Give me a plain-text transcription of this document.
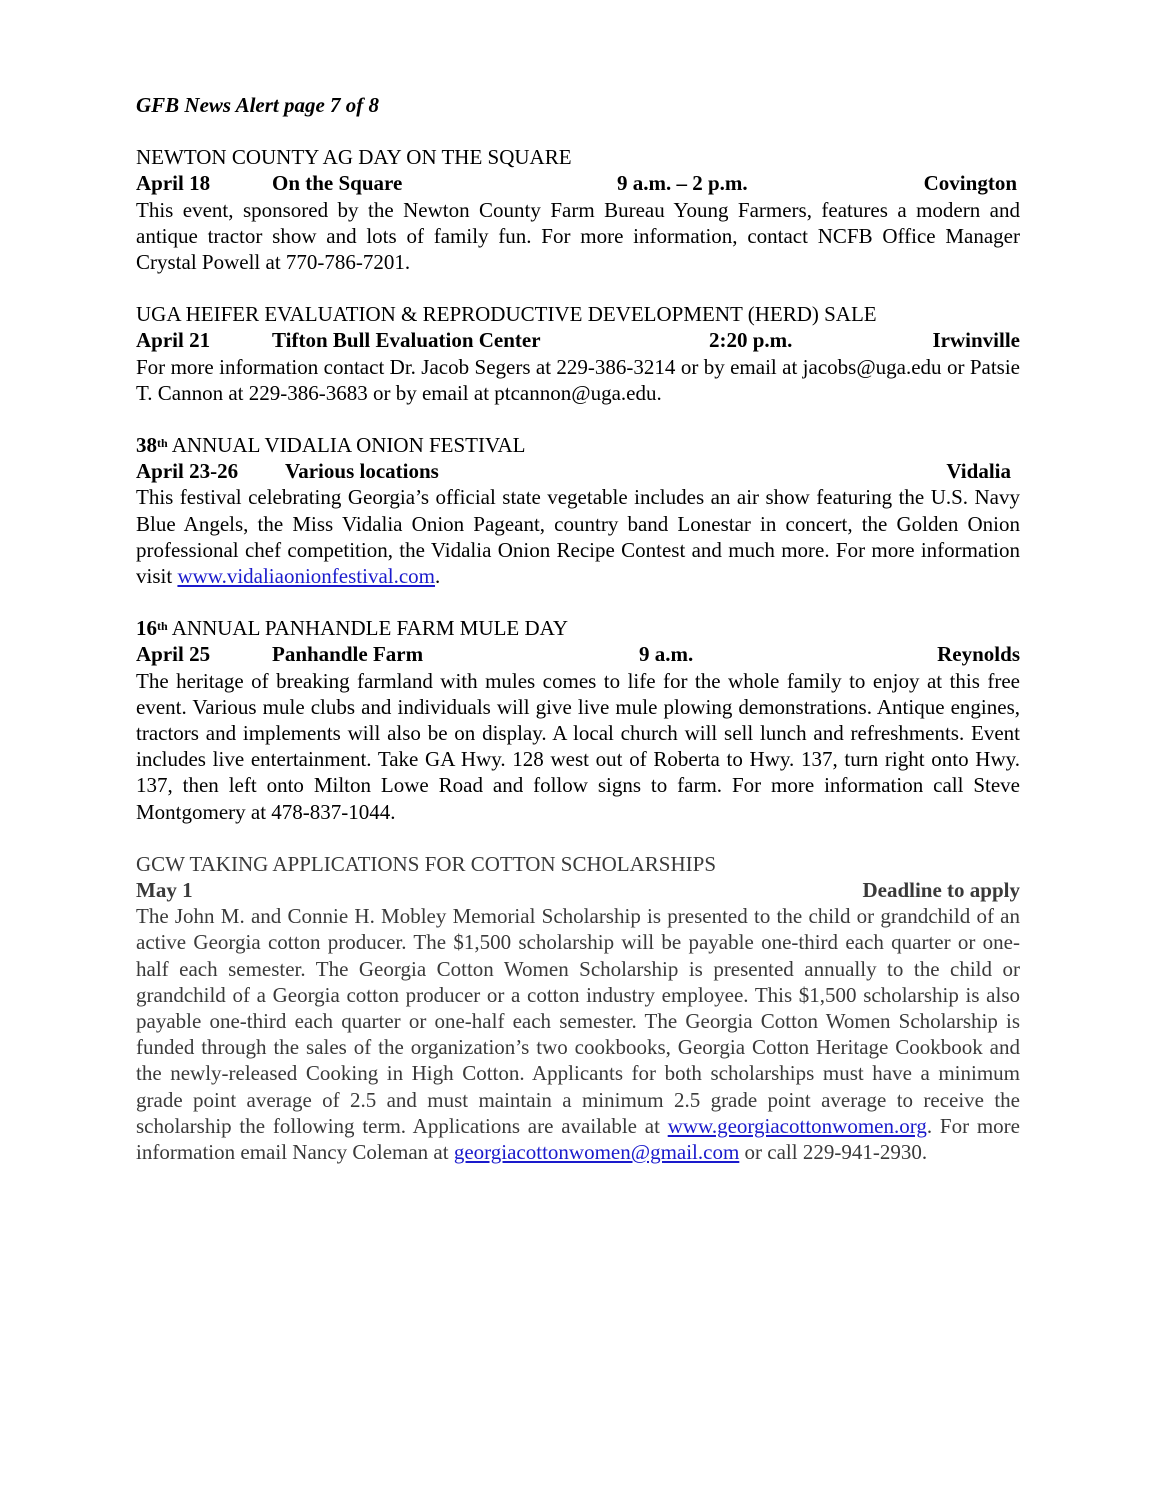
GFB News Alert page 7 of 8

NEWTON COUNTY AG DAY ON THE SQUARE

April 18	On the Square	9 a.m. – 2 p.m.	Covington

This event, sponsored by the Newton County Farm Bureau Young Farmers, features a modern and antique tractor show and lots of family fun. For more information, contact NCFB Office Manager Crystal Powell at 770-786-7201.

UGA HEIFER EVALUATION & REPRODUCTIVE DEVELOPMENT (HERD) SALE

April 21	Tifton Bull Evaluation Center	2:20 p.m.	Irwinville

For more information contact Dr. Jacob Segers at 229-386-3214 or by email at jacobs@uga.edu or Patsie T. Cannon at 229-386-3683 or by email at ptcannon@uga.edu.

38th ANNUAL VIDALIA ONION FESTIVAL

April 23-26 Various locations	Vidalia

This festival celebrating Georgia’s official state vegetable includes an air show featuring the U.S. Navy Blue Angels, the Miss Vidalia Onion Pageant, country band Lonestar in concert, the Golden Onion professional chef competition, the Vidalia Onion Recipe Contest and much more. For more information visit www.vidaliaonionfestival.com.

16th ANNUAL PANHANDLE FARM MULE DAY

April 25	Panhandle Farm	9 a.m.	Reynolds

The heritage of breaking farmland with mules comes to life for the whole family to enjoy at this free event. Various mule clubs and individuals will give live mule plowing demonstrations. Antique engines, tractors and implements will also be on display. A local church will sell lunch and refreshments. Event includes live entertainment. Take GA Hwy. 128 west out of Roberta to Hwy. 137, turn right onto Hwy. 137, then left onto Milton Lowe Road and follow signs to farm. For more information call Steve Montgomery at 478-837-1044.

GCW TAKING APPLICATIONS FOR COTTON SCHOLARSHIPS

May 1	Deadline to apply

The John M. and Connie H. Mobley Memorial Scholarship is presented to the child or grandchild of an active Georgia cotton producer. The $1,500 scholarship will be payable one-third each quarter or one-half each semester. The Georgia Cotton Women Scholarship is presented annually to the child or grandchild of a Georgia cotton producer or a cotton industry employee. This $1,500 scholarship is also payable one-third each quarter or one-half each semester. The Georgia Cotton Women Scholarship is funded through the sales of the organization’s two cookbooks, Georgia Cotton Heritage Cookbook and the newly-released Cooking in High Cotton. Applicants for both scholarships must have a minimum grade point average of 2.5 and must maintain a minimum 2.5 grade point average to receive the scholarship the following term. Applications are available at www.georgiacottonwomen.org. For more information email Nancy Coleman at georgiacottonwomen@gmail.com or call 229-941-2930.
